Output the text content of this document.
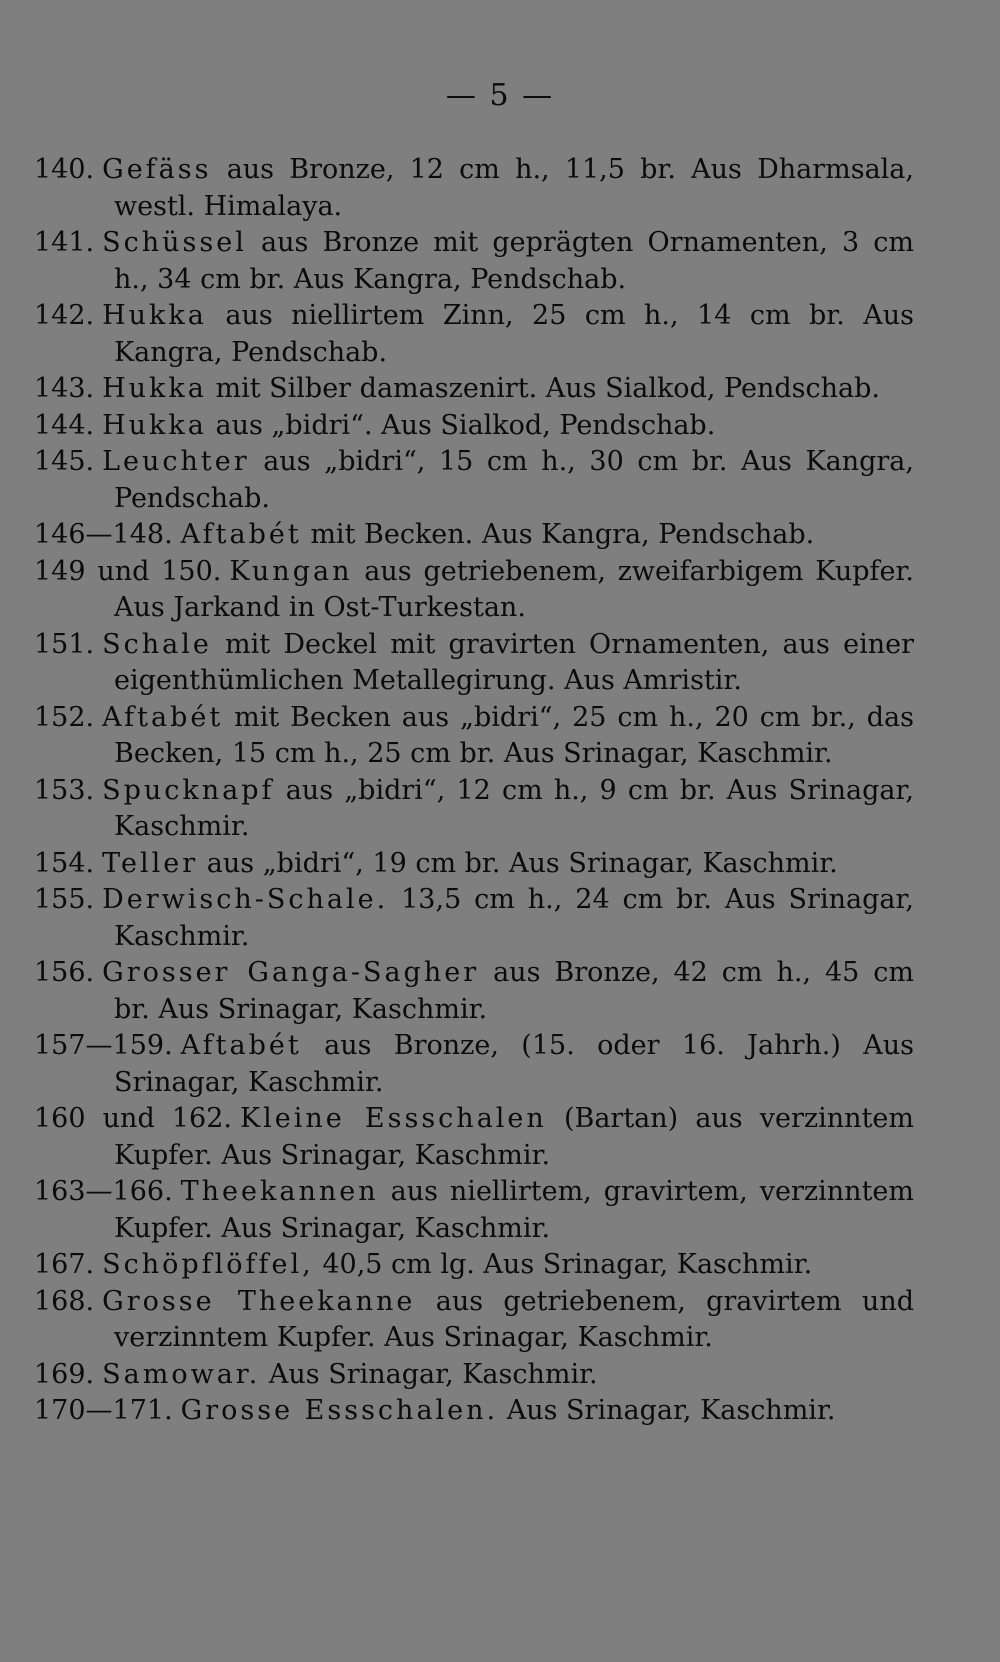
— 5 —
140. Gefäss aus Bronze, 12 cm h., 11,5 br. Aus Dharmsala, westl. Himalaya.
141. Schüssel aus Bronze mit geprägten Ornamenten, 3 cm h., 34 cm br. Aus Kangra, Pendschab.
142. Hukka aus niellirtem Zinn, 25 cm h., 14 cm br. Aus Kangra, Pendschab.
143. Hukka mit Silber damaszenirt. Aus Sialkod, Pendschab.
144. Hukka aus „bidri“. Aus Sialkod, Pendschab.
145. Leuchter aus „bidri“, 15 cm h., 30 cm br. Aus Kangra, Pendschab.
146—148. Aftabét mit Becken. Aus Kangra, Pendschab.
149 und 150. Kungan aus getriebenem, zweifarbigem Kupfer. Aus Jarkand in Ost-Turkestan.
151. Schale mit Deckel mit gravirten Ornamenten, aus einer eigenthümlichen Metallegirung. Aus Amristir.
152. Aftabét mit Becken aus „bidri“, 25 cm h., 20 cm br., das Becken, 15 cm h., 25 cm br. Aus Srinagar, Kaschmir.
153. Spucknapf aus „bidri“, 12 cm h., 9 cm br. Aus Srinagar, Kaschmir.
154. Teller aus „bidri“, 19 cm br. Aus Srinagar, Kaschmir.
155. Derwisch-Schale. 13,5 cm h., 24 cm br. Aus Srinagar, Kaschmir.
156. Grosser Ganga-Sagher aus Bronze, 42 cm h., 45 cm br. Aus Srinagar, Kaschmir.
157—159. Aftabét aus Bronze, (15. oder 16. Jahrh.) Aus Srinagar, Kaschmir.
160 und 162. Kleine Essschalen (Bartan) aus verzinntem Kupfer. Aus Srinagar, Kaschmir.
163—166. Theekannen aus niellirtem, gravirtem, verzinntem Kupfer. Aus Srinagar, Kaschmir.
167. Schöpflöffel, 40,5 cm lg. Aus Srinagar, Kaschmir.
168. Grosse Theekanne aus getriebenem, gravirtem und verzinntem Kupfer. Aus Srinagar, Kaschmir.
169. Samowar. Aus Srinagar, Kaschmir.
170—171. Grosse Essschalen. Aus Srinagar, Kaschmir.
